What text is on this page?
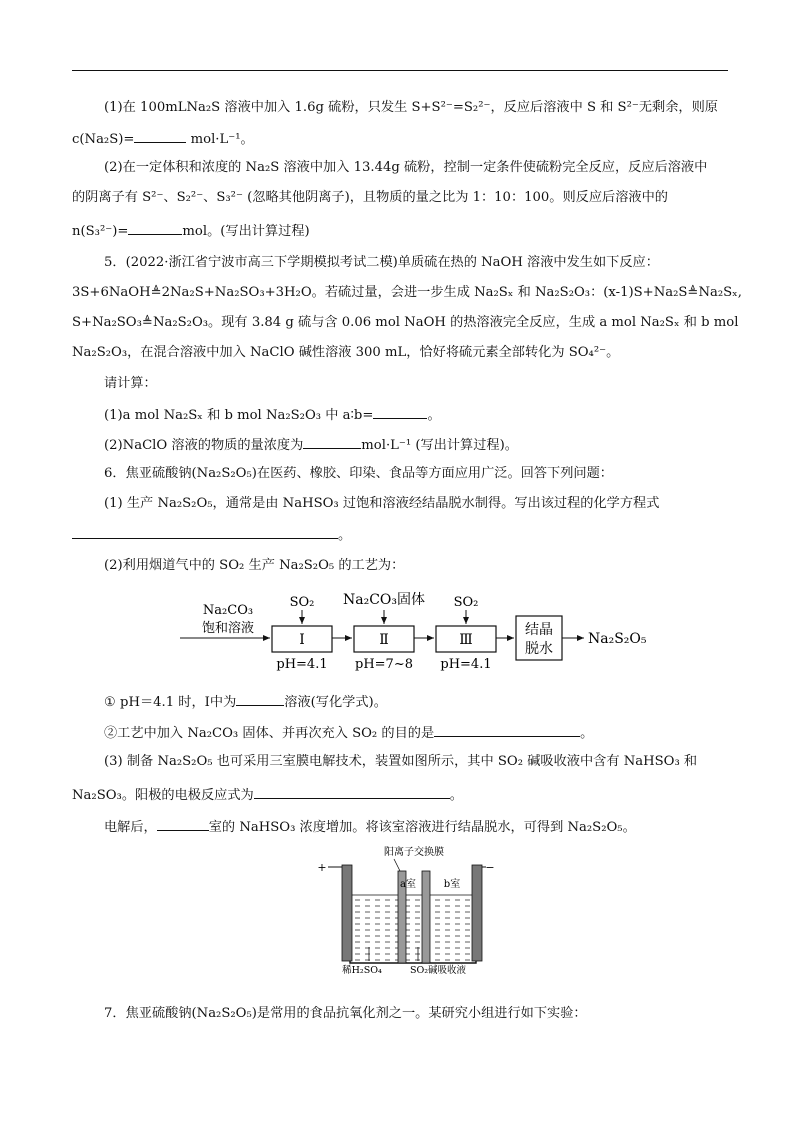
(1)在 100mLNa₂S 溶液中加入 1.6g 硫粉，只发生 S+S²⁻=S₂²⁻，反应后溶液中 S 和 S²⁻无剩余，则原
c(Na₂S)=	mol·L⁻¹。
(2)在一定体积和浓度的 Na₂S 溶液中加入 13.44g 硫粉，控制一定条件使硫粉完全反应，反应后溶液中
的阴离子有 S²⁻、S₂²⁻、S₃²⁻ (忽略其他阴离子)，且物质的量之比为 1：10：100。则反应后溶液中的
n(S₃²⁻)=	mol。(写出计算过程)
5．(2022·浙江省宁波市高三下学期模拟考试二模)单质硫在热的 NaOH 溶液中发生如下反应：
3S+6NaOH≜2Na₂S+Na₂SO₃+3H₂O。若硫过量，会进一步生成 Na₂Sₓ 和 Na₂S₂O₃：(x-1)S+Na₂S≜Na₂Sₓ,
S+Na₂SO₃≜Na₂S₂O₃。现有 3.84 g 硫与含 0.06 mol NaOH 的热溶液完全反应，生成 a mol Na₂Sₓ 和 b mol
Na₂S₂O₃，在混合溶液中加入 NaClO 碱性溶液 300 mL，恰好将硫元素全部转化为 SO₄²⁻。
请计算：
(1)a mol Na₂Sₓ 和 b mol Na₂S₂O₃ 中 a∶b=	。
(2)NaClO 溶液的物质的量浓度为	mol·L⁻¹ (写出计算过程)。
6．焦亚硫酸钠(Na₂S₂O₅)在医药、橡胶、印染、食品等方面应用广泛。回答下列问题：
(1) 生产 Na₂S₂O₅，通常是由 NaHSO₃ 过饱和溶液经结晶脱水制得。写出该过程的化学方程式
。
(2)利用烟道气中的 SO₂ 生产 Na₂S₂O₅ 的工艺为：
Na₂CO₃
饱和溶液
Ⅰ
SO₂
pH=4.1
Ⅱ
Na₂CO₃固体
pH=7~8
Ⅲ
SO₂
pH=4.1
结晶
脱水
Na₂S₂O₅
① pH＝4.1 时，Ⅰ中为	溶液(写化学式)。
②工艺中加入 Na₂CO₃ 固体、并再次充入 SO₂ 的目的是	。
(3) 制备 Na₂S₂O₅ 也可采用三室膜电解技术，装置如图所示，其中 SO₂ 碱吸收液中含有 NaHSO₃ 和
Na₂SO₃。阳极的电极反应式为	。
电解后，	室的 NaHSO₃ 浓度增加。将该室溶液进行结晶脱水，可得到 Na₂S₂O₅。
+	−
阳离子交换膜
a室	b室
稀H₂SO₄	SO₂碱吸收液
7．焦亚硫酸钠(Na₂S₂O₅)是常用的食品抗氧化剂之一。某研究小组进行如下实验：
